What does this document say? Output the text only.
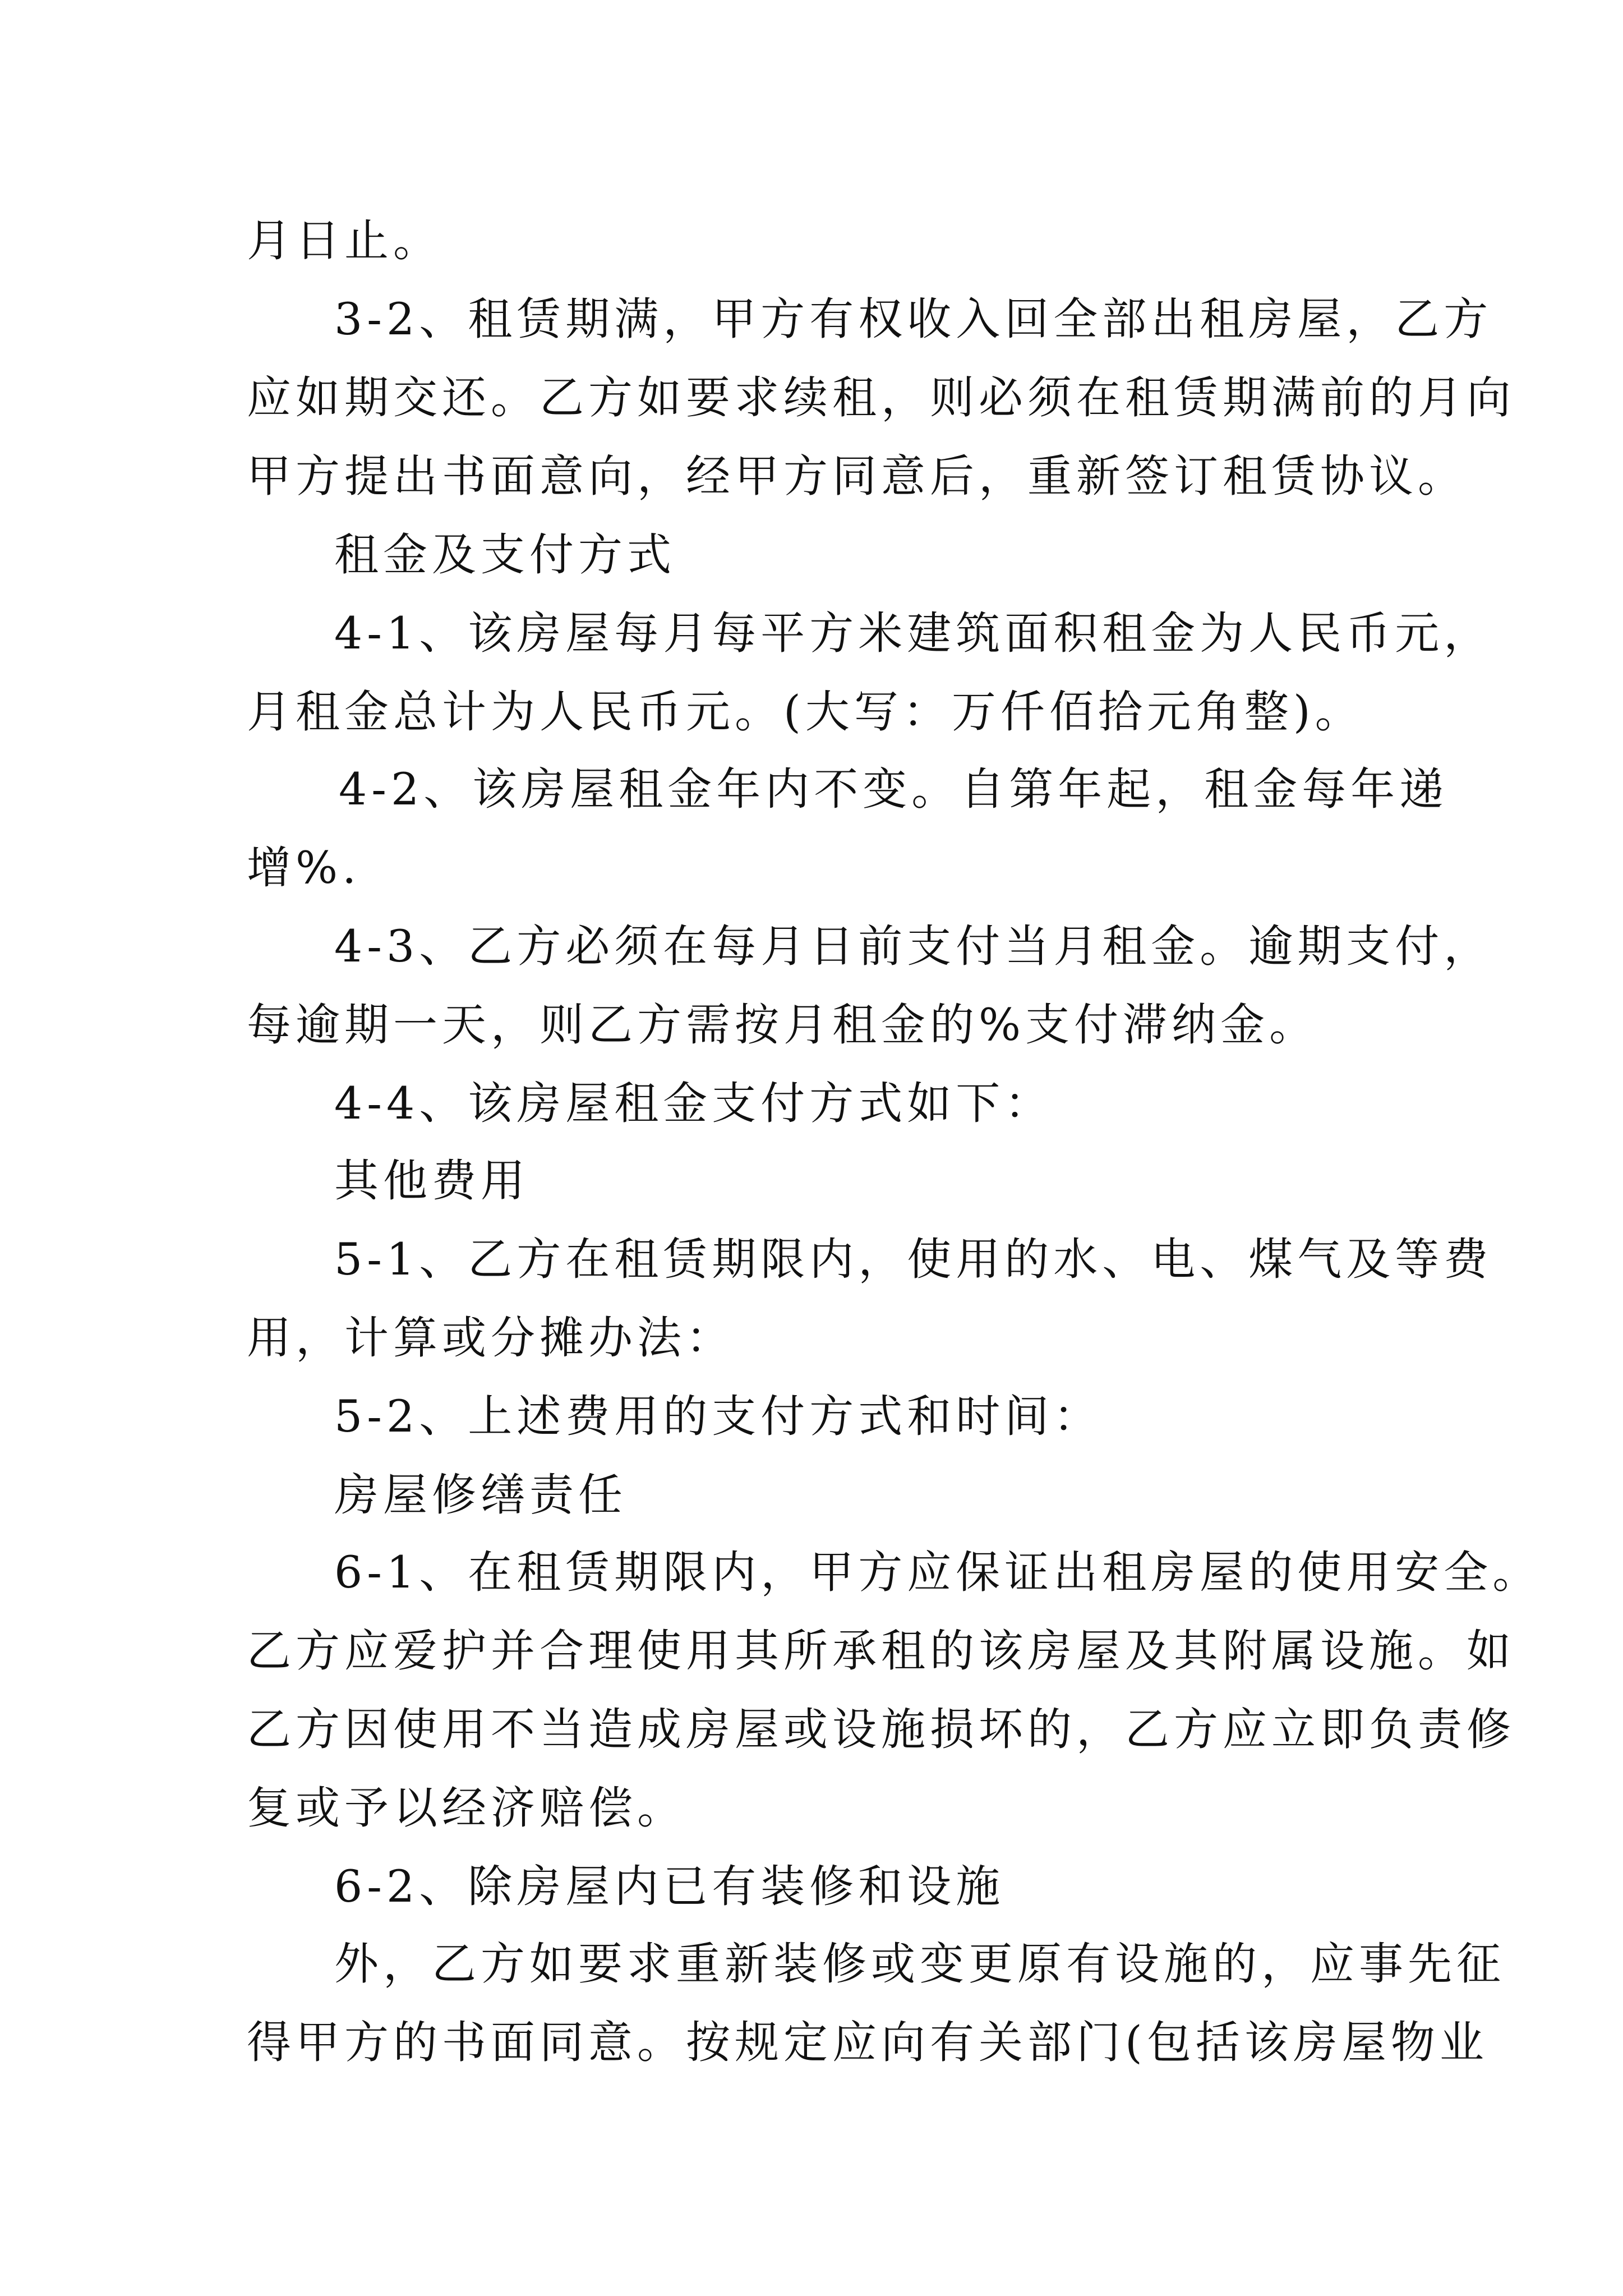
月日止。
3-2、租赁期满，甲方有权收入回全部出租房屋，乙方
应如期交还。乙方如要求续租，则必须在租赁期满前的月向
甲方提出书面意向，经甲方同意后，重新签订租赁协议。
租金及支付方式
4-1、该房屋每月每平方米建筑面积租金为人民币元，
月租金总计为人民币元。(大写：万仟佰拾元角整)。
4-2、该房屋租金年内不变。自第年起，租金每年递
增%.
4-3、乙方必须在每月日前支付当月租金。逾期支付，
每逾期一天，则乙方需按月租金的%支付滞纳金。
4-4、该房屋租金支付方式如下：
其他费用
5-1、乙方在租赁期限内，使用的水、电、煤气及等费
用，计算或分摊办法：
5-2、上述费用的支付方式和时间：
房屋修缮责任
6-1、在租赁期限内，甲方应保证出租房屋的使用安全。
乙方应爱护并合理使用其所承租的该房屋及其附属设施。如
乙方因使用不当造成房屋或设施损坏的，乙方应立即负责修
复或予以经济赔偿。
6-2、除房屋内已有装修和设施
外，乙方如要求重新装修或变更原有设施的，应事先征
得甲方的书面同意。按规定应向有关部门(包括该房屋物业
